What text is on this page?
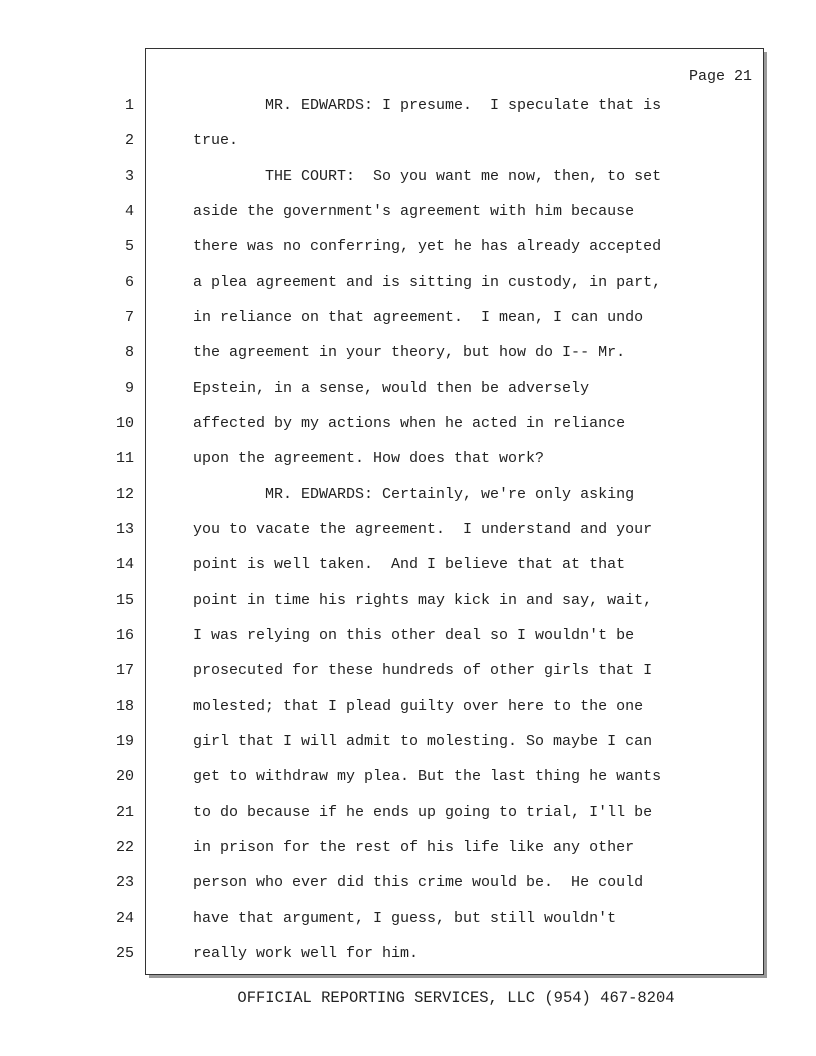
Page 21
1
2
3
4
5
6
7
8
9
10
11
12
13
14
15
16
17
18
19
20
21
22
23
24
25
MR. EDWARDS: I presume.  I speculate that is
true.
THE COURT:  So you want me now, then, to set
aside the government's agreement with him because
there was no conferring, yet he has already accepted
a plea agreement and is sitting in custody, in part,
in reliance on that agreement.  I mean, I can undo
the agreement in your theory, but how do I-- Mr.
Epstein, in a sense, would then be adversely
affected by my actions when he acted in reliance
upon the agreement. How does that work?
MR. EDWARDS: Certainly, we're only asking
you to vacate the agreement.  I understand and your
point is well taken.  And I believe that at that
point in time his rights may kick in and say, wait,
I was relying on this other deal so I wouldn't be
prosecuted for these hundreds of other girls that I
molested; that I plead guilty over here to the one
girl that I will admit to molesting. So maybe I can
get to withdraw my plea. But the last thing he wants
to do because if he ends up going to trial, I'll be
in prison for the rest of his life like any other
person who ever did this crime would be.  He could
have that argument, I guess, but still wouldn't
really work well for him.
OFFICIAL REPORTING SERVICES, LLC (954) 467-8204
